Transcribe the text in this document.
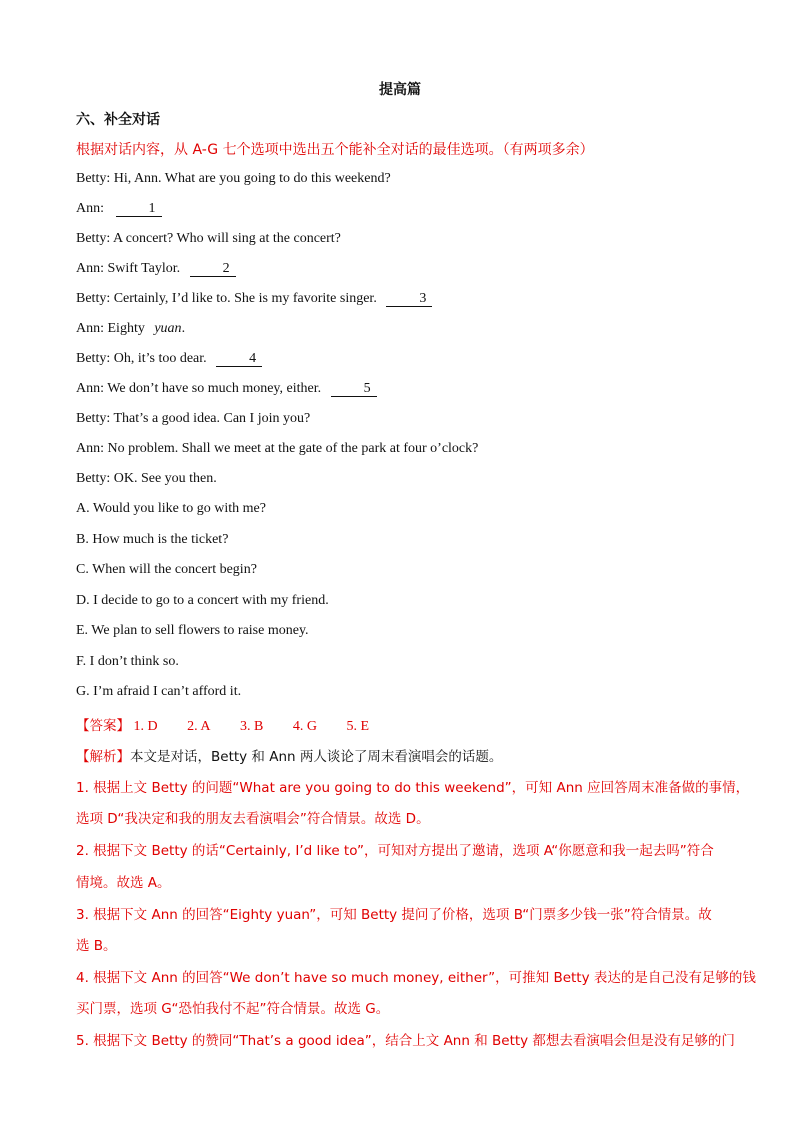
提高篇
六、补全对话
根据对话内容，从 A-G 七个选项中选出五个能补全对话的最佳选项。（有两项多余）
Betty: Hi, Ann. What are you going to do this weekend?
Ann:	1
Betty: A concert? Who will sing at the concert?
Ann: Swift Taylor.	2
Betty: Certainly, I’d like to. She is my favorite singer.	3
Ann: Eighty yuan.
Betty: Oh, it’s too dear.	4
Ann: We don’t have so much money, either.	5
Betty: That’s a good idea. Can I join you?
Ann: No problem. Shall we meet at the gate of the park at four o’clock?
Betty: OK. See you then.
A. Would you like to go with me?
B. How much is the ticket?
C. When will the concert begin?
D. I decide to go to a concert with my friend.
E. We plan to sell flowers to raise money.
F. I don’t think so.
G. I’m afraid I can’t afford it.
【答案】 1. D 2. A 3. B 4. G 5. E
【解析】本文是对话，Betty 和 Ann 两人谈论了周末看演唱会的话题。
1. 根据上文 Betty 的问题“What are you going to do this weekend”，可知 Ann 应回答周末准备做的事情，
选项 D“我决定和我的朋友去看演唱会”符合情景。故选 D。
2. 根据下文 Betty 的话“Certainly, I’d like to”，可知对方提出了邀请，选项 A“你愿意和我一起去吗”符合
情境。故选 A。
3. 根据下文 Ann 的回答“Eighty yuan”，可知 Betty 提问了价格，选项 B“门票多少钱一张”符合情景。故
选 B。
4. 根据下文 Ann 的回答“We don’t have so much money, either”，可推知 Betty 表达的是自己没有足够的钱
买门票，选项 G“恐怕我付不起”符合情景。故选 G。
5. 根据下文 Betty 的赞同“That’s a good idea”，结合上文 Ann 和 Betty 都想去看演唱会但是没有足够的门
